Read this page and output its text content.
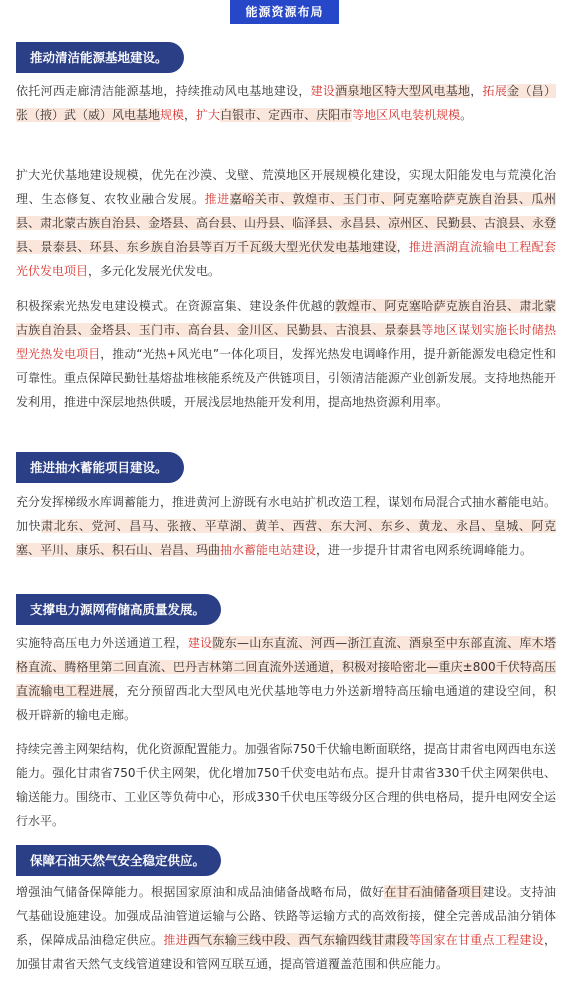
能源资源布局
推动清洁能源基地建设。

依托河西走廊清洁能源基地，持续推动风电基地建设，建设酒泉地区特大型风电基地，拓展金（昌）张（掖）武（威）风电基地规模，扩大白银市、定西市、庆阳市等地区风电装机规模。

扩大光伏基地建设规模，优先在沙漠、戈壁、荒漠地区开展规模化建设，实现太阳能发电与荒漠化治理、生态修复、农牧业融合发展。推进嘉峪关市、敦煌市、玉门市、阿克塞哈萨克族自治县、瓜州县、肃北蒙古族自治县、金塔县、高台县、山丹县、临泽县、永昌县、凉州区、民勤县、古浪县、永登县、景泰县、环县、东乡族自治县等百万千瓦级大型光伏发电基地建设，推进酒湖直流输电工程配套光伏发电项目，多元化发展光伏发电。

积极探索光热发电建设模式。在资源富集、建设条件优越的敦煌市、阿克塞哈萨克族自治县、肃北蒙古族自治县、金塔县、玉门市、高台县、金川区、民勤县、古浪县、景泰县等地区谋划实施长时储热型光热发电项目，推动“光热+风光电”一体化项目，发挥光热发电调峰作用，提升新能源发电稳定性和可靠性。重点保障民勤钍基熔盐堆核能系统及产供链项目，引领清洁能源产业创新发展。支持地热能开发利用，推进中深层地热供暖，开展浅层地热能开发利用，提高地热资源利用率。

推进抽水蓄能项目建设。

充分发挥梯级水库调蓄能力，推进黄河上游既有水电站扩机改造工程，谋划布局混合式抽水蓄能电站。加快肃北东、党河、昌马、张掖、平草湖、黄羊、西营、东大河、东乡、黄龙、永昌、皇城、阿克塞、平川、康乐、积石山、岩昌、玛曲抽水蓄能电站建设，进一步提升甘肃省电网系统调峰能力。

支撑电力源网荷储高质量发展。

实施特高压电力外送通道工程，建设陇东—山东直流、河西—浙江直流、酒泉至中东部直流、库木塔格直流、腾格里第二回直流、巴丹吉林第二回直流外送通道，积极对接哈密北—重庆±800千伏特高压直流输电工程进展，充分预留西北大型风电光伏基地等电力外送新增特高压输电通道的建设空间，积极开辟新的输电走廊。

持续完善主网架结构，优化资源配置能力。加强省际750千伏输电断面联络，提高甘肃省电网西电东送能力。强化甘肃省750千伏主网架，优化增加750千伏变电站布点。提升甘肃省330千伏主网架供电、输送能力。围绕市、工业区等负荷中心，形成330千伏电压等级分区合理的供电格局，提升电网安全运行水平。

保障石油天然气安全稳定供应。

增强油气储备保障能力。根据国家原油和成品油储备战略布局，做好在甘石油储备项目建设。支持油气基础设施建设。加强成品油管道运输与公路、铁路等运输方式的高效衔接，健全完善成品油分销体系，保障成品油稳定供应。推进西气东输三线中段、西气东输四线甘肃段等国家在甘重点工程建设，加强甘肃省天然气支线管道建设和管网互联互通，提高管道覆盖范围和供应能力。
